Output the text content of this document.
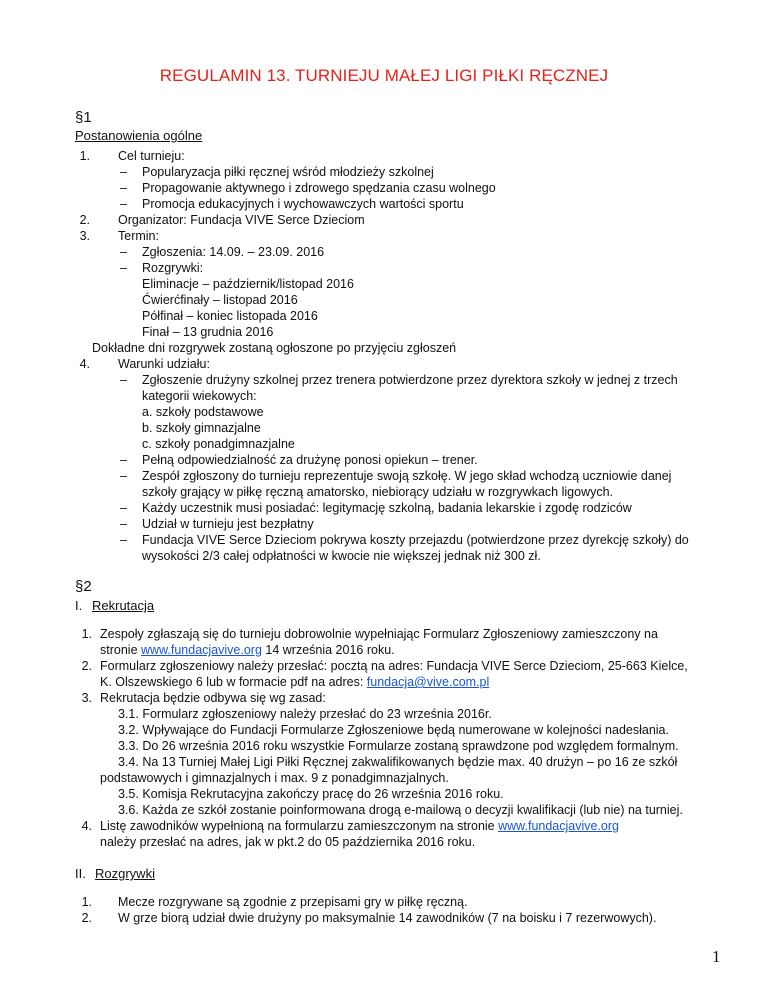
REGULAMIN 13. TURNIEJU MAŁEJ LIGI PIŁKI RĘCZNEJ
§1
Postanowienia ogólne
1. Cel turnieju:
– Popularyzacja piłki ręcznej wśród młodzieży szkolnej
– Propagowanie aktywnego i zdrowego spędzania czasu wolnego
– Promocja edukacyjnych i wychowawczych wartości sportu
2. Organizator: Fundacja VIVE Serce Dzieciom
3. Termin:
– Zgłoszenia: 14.09. – 23.09. 2016
– Rozgrywki:
Eliminacje – październik/listopad 2016
Ćwierćfinały – listopad 2016
Półfinał – koniec listopada 2016
Finał – 13 grudnia 2016
Dokładne dni rozgrywek zostaną ogłoszone po przyjęciu zgłoszeń
4. Warunki udziału:
– Zgłoszenie drużyny szkolnej przez trenera potwierdzone przez dyrektora szkoły w jednej z trzech
kategorii wiekowych:
a. szkoły podstawowe
b. szkoły gimnazjalne
c. szkoły ponadgimnazjalne
– Pełną odpowiedzialność za drużynę ponosi opiekun – trener.
– Zespół zgłoszony do turnieju reprezentuje swoją szkołę. W jego skład wchodzą uczniowie danej
szkoły grający w piłkę ręczną amatorsko, niebiorący udziału w rozgrywkach ligowych.
– Każdy uczestnik musi posiadać: legitymację szkolną, badania lekarskie i zgodę rodziców
– Udział w turnieju jest bezpłatny
– Fundacja VIVE Serce Dzieciom pokrywa koszty przejazdu (potwierdzone przez dyrekcję szkoły) do
wysokości 2/3 całej odpłatności w kwocie nie większej jednak niż 300 zł.
§2
I. Rekrutacja
1. Zespoły zgłaszają się do turnieju dobrowolnie wypełniając Formularz Zgłoszeniowy zamieszczony na
stronie www.fundacjavive.org 14 września 2016 roku.
2. Formularz zgłoszeniowy należy przesłać: pocztą na adres: Fundacja VIVE Serce Dzieciom, 25-663 Kielce,
K. Olszewskiego 6 lub w formacie pdf na adres: fundacja@vive.com.pl
3. Rekrutacja będzie odbywa się wg zasad:
3.1. Formularz zgłoszeniowy należy przesłać do 23 września 2016r.
3.2. Wpływające do Fundacji Formularze Zgłoszeniowe będą numerowane w kolejności nadesłania.
3.3. Do 26 września 2016 roku wszystkie Formularze zostaną sprawdzone pod względem formalnym.
3.4. Na 13 Turniej Małej Ligi Piłki Ręcznej zakwalifikowanych będzie max. 40 drużyn – po 16 ze szkół
podstawowych i gimnazjalnych i max. 9 z ponadgimnazjalnych.
3.5. Komisja Rekrutacyjna zakończy pracę do 26 września 2016 roku.
3.6. Każda ze szkół zostanie poinformowana drogą e-mailową o decyzji kwalifikacji (lub nie) na turniej.
4. Listę zawodników wypełnioną na formularzu zamieszczonym na stronie www.fundacjavive.org
należy przesłać na adres, jak w pkt.2 do 05 października 2016 roku.
II. Rozgrywki
1. Mecze rozgrywane są zgodnie z przepisami gry w piłkę ręczną.
2. W grze biorą udział dwie drużyny po maksymalnie 14 zawodników (7 na boisku i 7 rezerwowych).
1
